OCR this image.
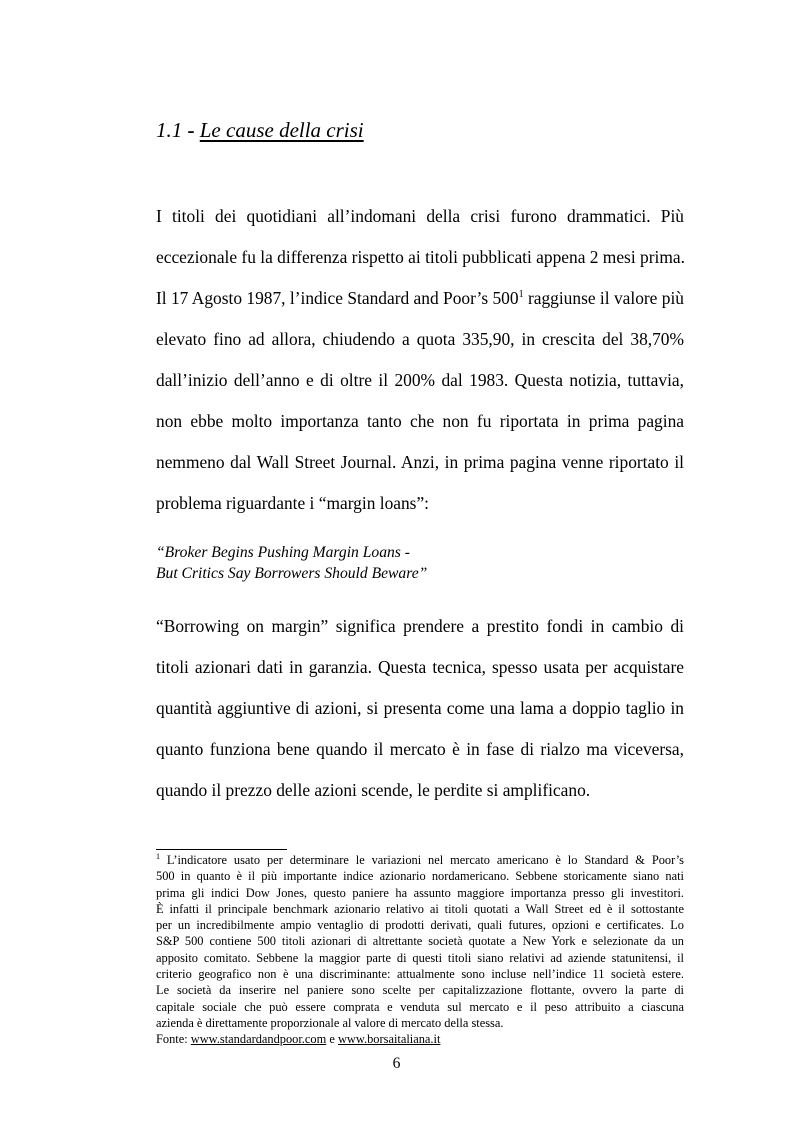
1.1 - Le cause della crisi
I titoli dei quotidiani all’indomani della crisi furono drammatici. Più
eccezionale fu la differenza rispetto ai titoli pubblicati appena 2 mesi prima.
Il 17 Agosto 1987, l’indice Standard and Poor’s $500^1$ raggiunse il valore più
elevato fino ad allora, chiudendo a quota 335,90, in crescita del 38,70%
dall’inizio dell’anno e di oltre il 200% dal 1983. Questa notizia, tuttavia,
non ebbe molto importanza tanto che non fu riportata in prima pagina
nemmeno dal Wall Street Journal. Anzi, in prima pagina venne riportato il
problema riguardante i “margin loans”:
“Broker Begins Pushing Margin Loans -
But Critics Say Borrowers Should Beware”
“Borrowing on margin” significa prendere a prestito fondi in cambio di
titoli azionari dati in garanzia. Questa tecnica, spesso usata per acquistare
quantità aggiuntive di azioni, si presenta come una lama a doppio taglio in
quanto funziona bene quando il mercato è in fase di rialzo ma viceversa,
quando il prezzo delle azioni scende, le perdite si amplificano.
$^1$ L’indicatore usato per determinare le variazioni nel mercato americano è lo Standard & Poor’s
500 in quanto è il più importante indice azionario nordamericano. Sebbene storicamente siano nati
prima gli indici Dow Jones, questo paniere ha assunto maggiore importanza presso gli investitori.
È infatti il principale benchmark azionario relativo ai titoli quotati a Wall Street ed è il sottostante
per un incredibilmente ampio ventaglio di prodotti derivati, quali futures, opzioni e certificates. Lo
S&P 500 contiene 500 titoli azionari di altrettante società quotate a New York e selezionate da un
apposito comitato. Sebbene la maggior parte di questi titoli siano relativi ad aziende statunitensi, il
criterio geografico non è una discriminante: attualmente sono incluse nell’indice 11 società estere.
Le società da inserire nel paniere sono scelte per capitalizzazione flottante, ovvero la parte di
capitale sociale che può essere comprata e venduta sul mercato e il peso attribuito a ciascuna
azienda è direttamente proporzionale al valore di mercato della stessa.
Fonte: www.standardandpoor.com e www.borsaitaliana.it
6
